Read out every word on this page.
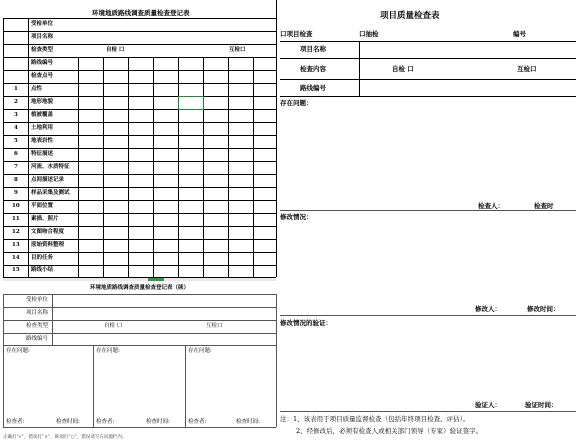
环境地质路线调查质量检查登记表
受检单位
项目名称
检查类型	自检 口	互检口
路线编号
检查点号
1 点性
2 地形地貌
3 植被覆盖
4 土地利用
5 地表岩性
6 特征描述
7 河流、水质特征
8 点间描述记录
9 样品采集及测试
10 平面位置
11 素描、照片
12 文图吻合程度
13 原始资料整理
14 目的任务
15 路线小结
环境地质路线调查质量检查登记表（续）
受检单位
项目名称
检查类型	自检 口	互检口
路线编号
存在问题:	存在问题:	存在问题:
检查者:	检查时间:	检查者:	检查时间:	检查者:	检查时间:
正确打“√”，错误打“×”，缺项打“○”，错误请写在问题栏内。
项目质量检查表
口项目检查	口抽检	编号
项目名称
检查内容	自检 口	互检口
路线编号
存在问题：
检查人：	检查时
修改情况：
修改人：	修改时间：
修改情况的验证：
验证人：	验证时间：
注：1、该表用于项目质量监督检查（包括年终项目检查、评估）。
2、经修改后，必须有检查人或相关部门领导（专家）验证签字。
